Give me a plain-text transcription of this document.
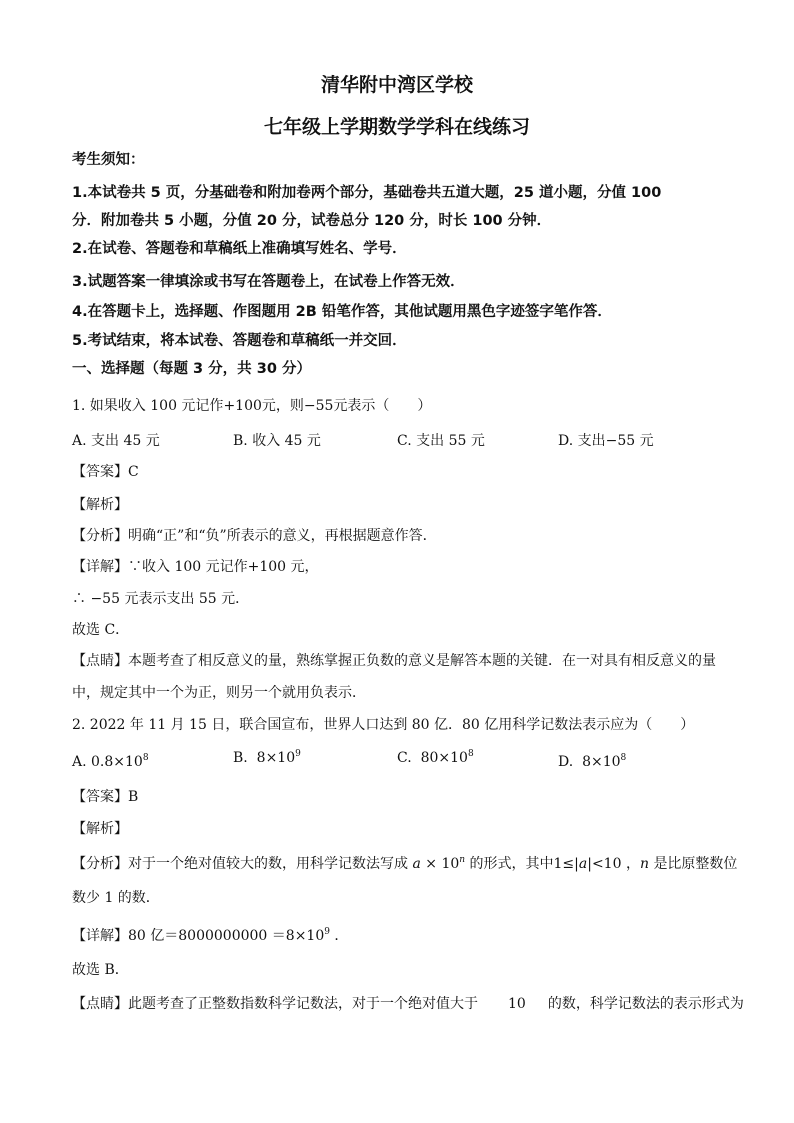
清华附中湾区学校
七年级上学期数学学科在线练习
考生须知：
1.本试卷共 5 页，分基础卷和附加卷两个部分，基础卷共五道大题，25 道小题，分值 100
分．附加卷共 5 小题，分值 20 分，试卷总分 120 分，时长 100 分钟．
2.在试卷、答题卷和草稿纸上准确填写姓名、学号．
3.试题答案一律填涂或书写在答题卷上，在试卷上作答无效．
4.在答题卡上，选择题、作图题用 2B 铅笔作答，其他试题用黑色字迹签字笔作答．
5.考试结束，将本试卷、答题卷和草稿纸一并交回．
一、选择题（每题 3 分，共 30 分）
1. 如果收入 100 元记作+100元，则−55元表示（　　）
A. 支出 45 元	B. 收入 45 元	C. 支出 55 元	D. 支出−55 元
【答案】C
【解析】
【分析】明确“正”和“负”所表示的意义，再根据题意作答．
【详解】∵收入 100 元记作+100 元，
∴ −55 元表示支出 55 元．
故选 C．
【点睛】本题考查了相反意义的量，熟练掌握正负数的意义是解答本题的关键．在一对具有相反意义的量
中，规定其中一个为正，则另一个就用负表示．
2. 2022 年 11 月 15 日，联合国宣布，世界人口达到 80 亿．80 亿用科学记数法表示应为（　　）
A. $0.8\times 10^8$	B. $8\times 10^9$	C. $80\times 10^8$	D. $8\times 10^8$
【答案】B
【解析】
【分析】对于一个绝对值较大的数，用科学记数法写成 $a \times 10^n$ 的形式，其中1≤|a|<10 ，n 是比原整数位
数少 1 的数．
【详解】80 亿$=8000000000 =8\times 10^9$ ．
故选 B．
【点睛】此题考查了正整数指数科学记数法，对于一个绝对值大于 10 的数，科学记数法的表示形式为
